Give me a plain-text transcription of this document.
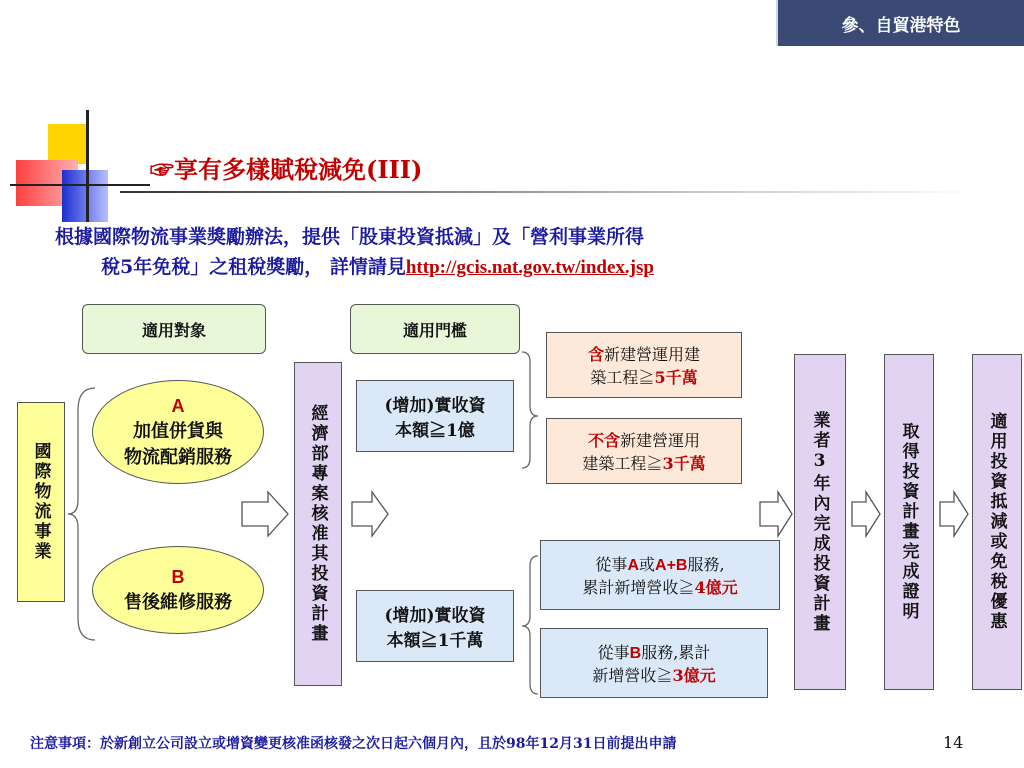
參、自貿港特色
☞享有多樣賦稅減免(III)
根據國際物流事業獎勵辦法，提供「股東投資抵減」及「營利事業所得
稅5年免稅」之租稅獎勵， 詳情請見http://gcis.nat.gov.tw/index.jsp
適用對象	適用門檻
國際物流事業
A
加值併貨與
物流配銷服務
B
售後維修服務	經濟部專案核准其投資計畫	(增加)實收資
本額≧1億
(增加)實收資
本額≧1千萬
含新建營運用建
築工程≧5千萬
不含新建營運用
建築工程≧3千萬
從事A或A+B服務,
累計新增營收≧4億元
從事B服務,累計
新增營收≧3億元
業者3年內完成投資計畫	取得投資計畫完成證明	適用投資抵減或免稅優惠
注意事項：於新創立公司設立或增資變更核准函核發之次日起六個月內，且於98年12月31日前提出申請	14
